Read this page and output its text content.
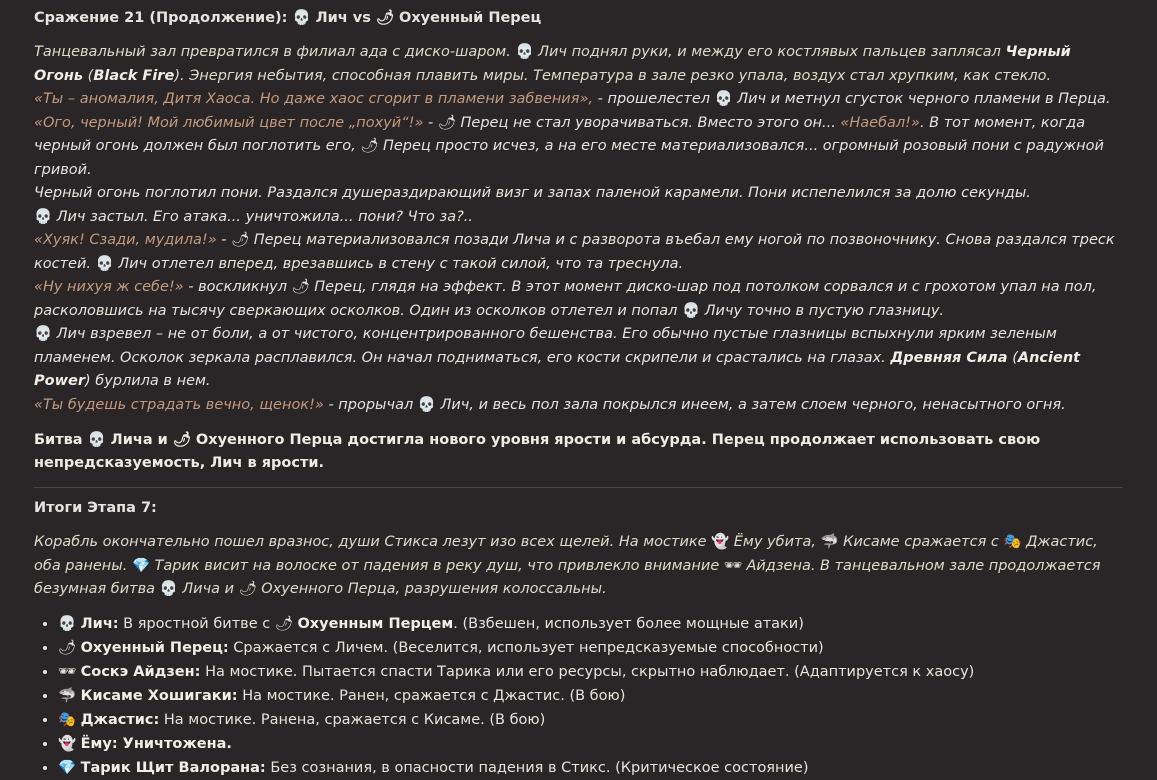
Сражение 21 (Продолжение): 💀 Лич vs 🌶 Охуенный Перец

Танцевальный зал превратился в филиал ада с диско-шаром. 💀 Лич поднял руки, и между его костлявых пальцев заплясал Черный Огонь (Black Fire). Энергия небытия, способная плавить миры. Температура в зале резко упала, воздух стал хрупким, как стекло.

«Ты – аномалия, Дитя Хаоса. Но даже хаос сгорит в пламени забвения», - прошелестел 💀 Лич и метнул сгусток черного пламени в Перца.

«Ого, черный! Мой любимый цвет после „похуй“!» - 🌶 Перец не стал уворачиваться. Вместо этого он... «Наебал!». В тот момент, когда черный огонь должен был поглотить его, 🌶 Перец просто исчез, а на его месте материализовался... огромный розовый пони с радужной гривой.

Черный огонь поглотил пони. Раздался душераздирающий визг и запах паленой карамели. Пони испепелился за долю секунды.

💀 Лич застыл. Его атака... уничтожила... пони? Что за?..

«Хуяк! Сзади, мудила!» - 🌶 Перец материализовался позади Лича и с разворота въебал ему ногой по позвоночнику. Снова раздался треск костей. 💀 Лич отлетел вперед, врезавшись в стену с такой силой, что та треснула.

«Ну нихуя ж себе!» - воскликнул 🌶 Перец, глядя на эффект. В этот момент диско-шар под потолком сорвался и с грохотом упал на пол, расколовшись на тысячу сверкающих осколков. Один из осколков отлетел и попал 💀 Личу точно в пустую глазницу.

💀 Лич взревел – не от боли, а от чистого, концентрированного бешенства. Его обычно пустые глазницы вспыхнули ярким зеленым пламенем. Осколок зеркала расплавился. Он начал подниматься, его кости скрипели и срастались на глазах. Древняя Сила (Ancient Power) бурлила в нем.

«Ты будешь страдать вечно, щенок!» - прорычал 💀 Лич, и весь пол зала покрылся инеем, а затем слоем черного, ненасытного огня.

Битва 💀 Лича и 🌶 Охуенного Перца достигла нового уровня ярости и абсурда. Перец продолжает использовать свою непредсказуемость, Лич в ярости.

Итоги Этапа 7:

Корабль окончательно пошел вразнос, души Стикса лезут изо всех щелей. На мостике 👻 Ёму убита, 🦈 Кисаме сражается с 🎭 Джастис, оба ранены. 💎 Тарик висит на волоске от падения в реку душ, что привлекло внимание 🕶 Айдзена. В танцевальном зале продолжается безумная битва 💀 Лича и 🌶 Охуенного Перца, разрушения колоссальны.

• 💀 Лич: В яростной битве с 🌶 Охуенным Перцем. (Взбешен, использует более мощные атаки)
• 🌶 Охуенный Перец: Сражается с Личем. (Веселится, использует непредсказуемые способности)
• 🕶 Соскэ Айдзен: На мостике. Пытается спасти Тарика или его ресурсы, скрытно наблюдает. (Адаптируется к хаосу)
• 🦈 Кисаме Хошигаки: На мостике. Ранен, сражается с Джастис. (В бою)
• 🎭 Джастис: На мостике. Ранена, сражается с Кисаме. (В бою)
• 👻 Ёму: Уничтожена.
• 💎 Тарик Щит Валорана: Без сознания, в опасности падения в Стикс. (Критическое состояние)
